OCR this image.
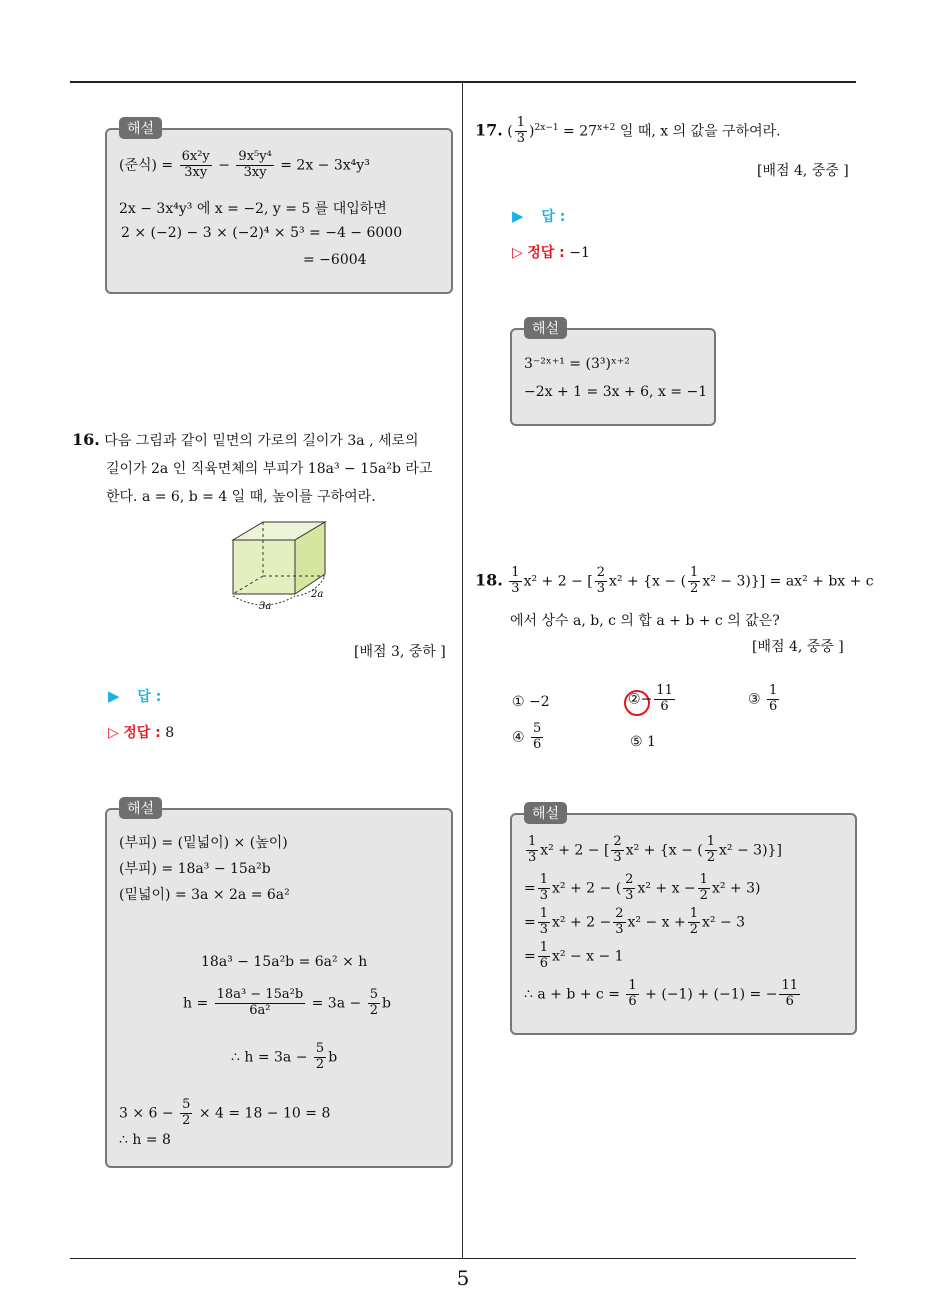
해설
(준식) = $\frac{\text{6x²y}}{3xy} - \frac{\text{9x⁵y⁴}}{3xy} = 2x - 3x^4y^3$
2x − 3x⁴y³ 에 x = −2, y = 5 를 대입하면
2 × (−2) − 3 × (−2)⁴ × 5³ = −4 − 6000
= −6004
16. 다음 그림과 같이 밑면의 가로의 길이가 3a , 세로의
길이가 2a 인 직육면체의 부피가 18a³ − 15a²b 라고
한다. a = 6, b = 4 일 때, 높이를 구하여라.
3a
2a
[배점 3, 중하 ]
▶ 답 :
▷ 정답 : 8
해설
(부피) = (밑넓이) × (높이)
(부피) = 18a³ − 15a²b
(밑넓이) = 3a × 2a = 6a²
18a³ − 15a²b = 6a² × h
$h = \frac{\text{18a³ − 15a²b}}{\text{6a²}} = 3a - \frac{5}{2}$ b
∴ $h = 3a - \frac{5}{2}$ b
$3 \times 6 - \frac{5}{2} \times 4 = 18 - 10 = 8$
∴ h = 8
17. ( $\frac{1}{3} )^{2x-1} = 27^{x+2}$ 일 때, x 의 값을 구하여라.
[배점 4, 중중 ]
▶ 답 :
▷ 정답 : −1
해설
3⁻²ˣ⁺¹ = (3³)ˣ⁺²
−2x + 1 = 3x + 6, x = −1
18. $\frac{1}{3} x^2 + 2$ − [ $\frac{2}{3} x^2 + \{x$ − ( $\frac{1}{2} x^2 - 3)\}] = ax^2$ + bx + c
에서 상수 a, b, c 의 합 a + b + c 의 값은?
[배점 4, 중중 ]
① −2	②− $\frac{11}{6}$	③ $\frac{1}{6}$
④ $\frac{5}{6}$	⑤ 1
해설
$\frac{1}{3} x^2 + 2$ − [ $\frac{2}{3} x^2 + \{x$ − ( $\frac{1}{2} x^2 - 3$)}]
= $\frac{1}{3} x^2 + 2$ − ( $\frac{2}{3} x^2 + x - \frac{1}{2} x^2 + 3$)
= $\frac{1}{3} x^2 + 2 - \frac{2}{3} x^2 - x + \frac{1}{2} x^2 - 3$
= $\frac{1}{6} x^2 - x - 1$
∴ $a + b + c = \frac{1}{6} + (-1) + (-1)$ = − $\frac{11}{6}$
5
